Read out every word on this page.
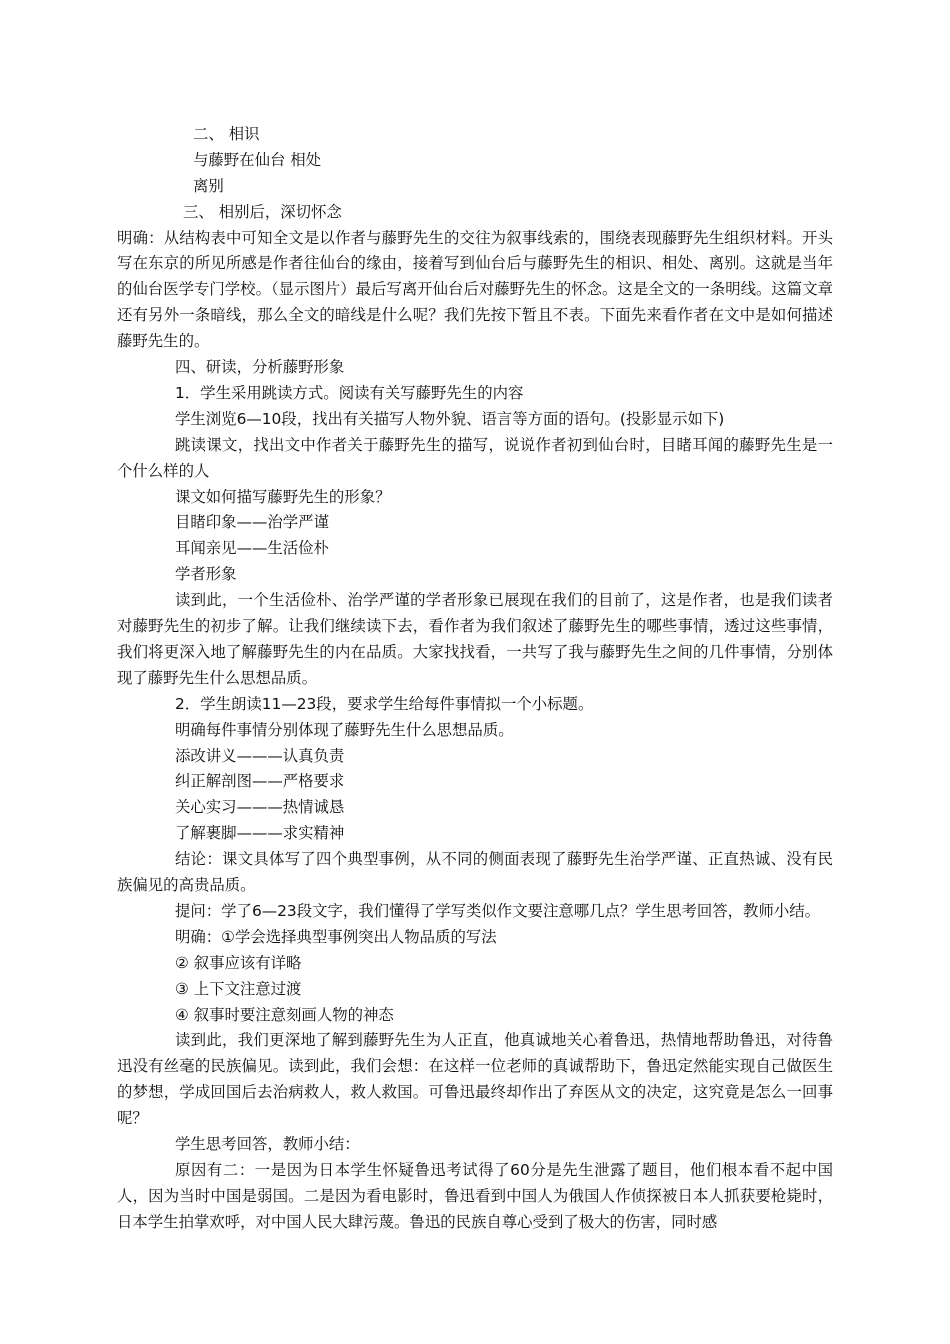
二、 相识
与藤野在仙台 相处
离别
三、 相别后，深切怀念
明确：从结构表中可知全文是以作者与藤野先生的交往为叙事线索的，围绕表现藤野先生组织材料。开头写在东京的所见所感是作者往仙台的缘由，接着写到仙台后与藤野先生的相识、相处、离别。这就是当年的仙台医学专门学校。（显示图片）最后写离开仙台后对藤野先生的怀念。这是全文的一条明线。这篇文章还有另外一条暗线，那么全文的暗线是什么呢？我们先按下暂且不表。下面先来看作者在文中是如何描述藤野先生的。
四、研读，分析藤野形象
1．学生采用跳读方式。阅读有关写藤野先生的内容
学生浏览6—10段，找出有关描写人物外貌、语言等方面的语句。(投影显示如下)
跳读课文，找出文中作者关于藤野先生的描写，说说作者初到仙台时，目睹耳闻的藤野先生是一个什么样的人
课文如何描写藤野先生的形象？
目睹印象——治学严谨
耳闻亲见——生活俭朴
学者形象
读到此，一个生活俭朴、治学严谨的学者形象已展现在我们的目前了，这是作者，也是我们读者对藤野先生的初步了解。让我们继续读下去，看作者为我们叙述了藤野先生的哪些事情，透过这些事情，我们将更深入地了解藤野先生的内在品质。大家找找看，一共写了我与藤野先生之间的几件事情，分别体现了藤野先生什么思想品质。
2．学生朗读11—23段，要求学生给每件事情拟一个小标题。
明确每件事情分别体现了藤野先生什么思想品质。
添改讲义———认真负责
纠正解剖图——严格要求
关心实习———热情诚恳
了解裹脚———求实精神
结论：课文具体写了四个典型事例，从不同的侧面表现了藤野先生治学严谨、正直热诚、没有民族偏见的高贵品质。
提问：学了6—23段文字，我们懂得了学写类似作文要注意哪几点？学生思考回答，教师小结。
明确：①学会选择典型事例突出人物品质的写法
② 叙事应该有详略
③ 上下文注意过渡
④ 叙事时要注意刻画人物的神态
读到此，我们更深地了解到藤野先生为人正直，他真诚地关心着鲁迅，热情地帮助鲁迅，对待鲁迅没有丝毫的民族偏见。读到此，我们会想：在这样一位老师的真诚帮助下，鲁迅定然能实现自己做医生的梦想，学成回国后去治病救人，救人救国。可鲁迅最终却作出了弃医从文的决定，这究竟是怎么一回事呢？
学生思考回答，教师小结：
原因有二：一是因为日本学生怀疑鲁迅考试得了60分是先生泄露了题目，他们根本看不起中国人，因为当时中国是弱国。二是因为看电影时，鲁迅看到中国人为俄国人作侦探被日本人抓获要枪毙时，日本学生拍掌欢呼，对中国人民大肆污蔑。鲁迅的民族自尊心受到了极大的伤害，同时感
